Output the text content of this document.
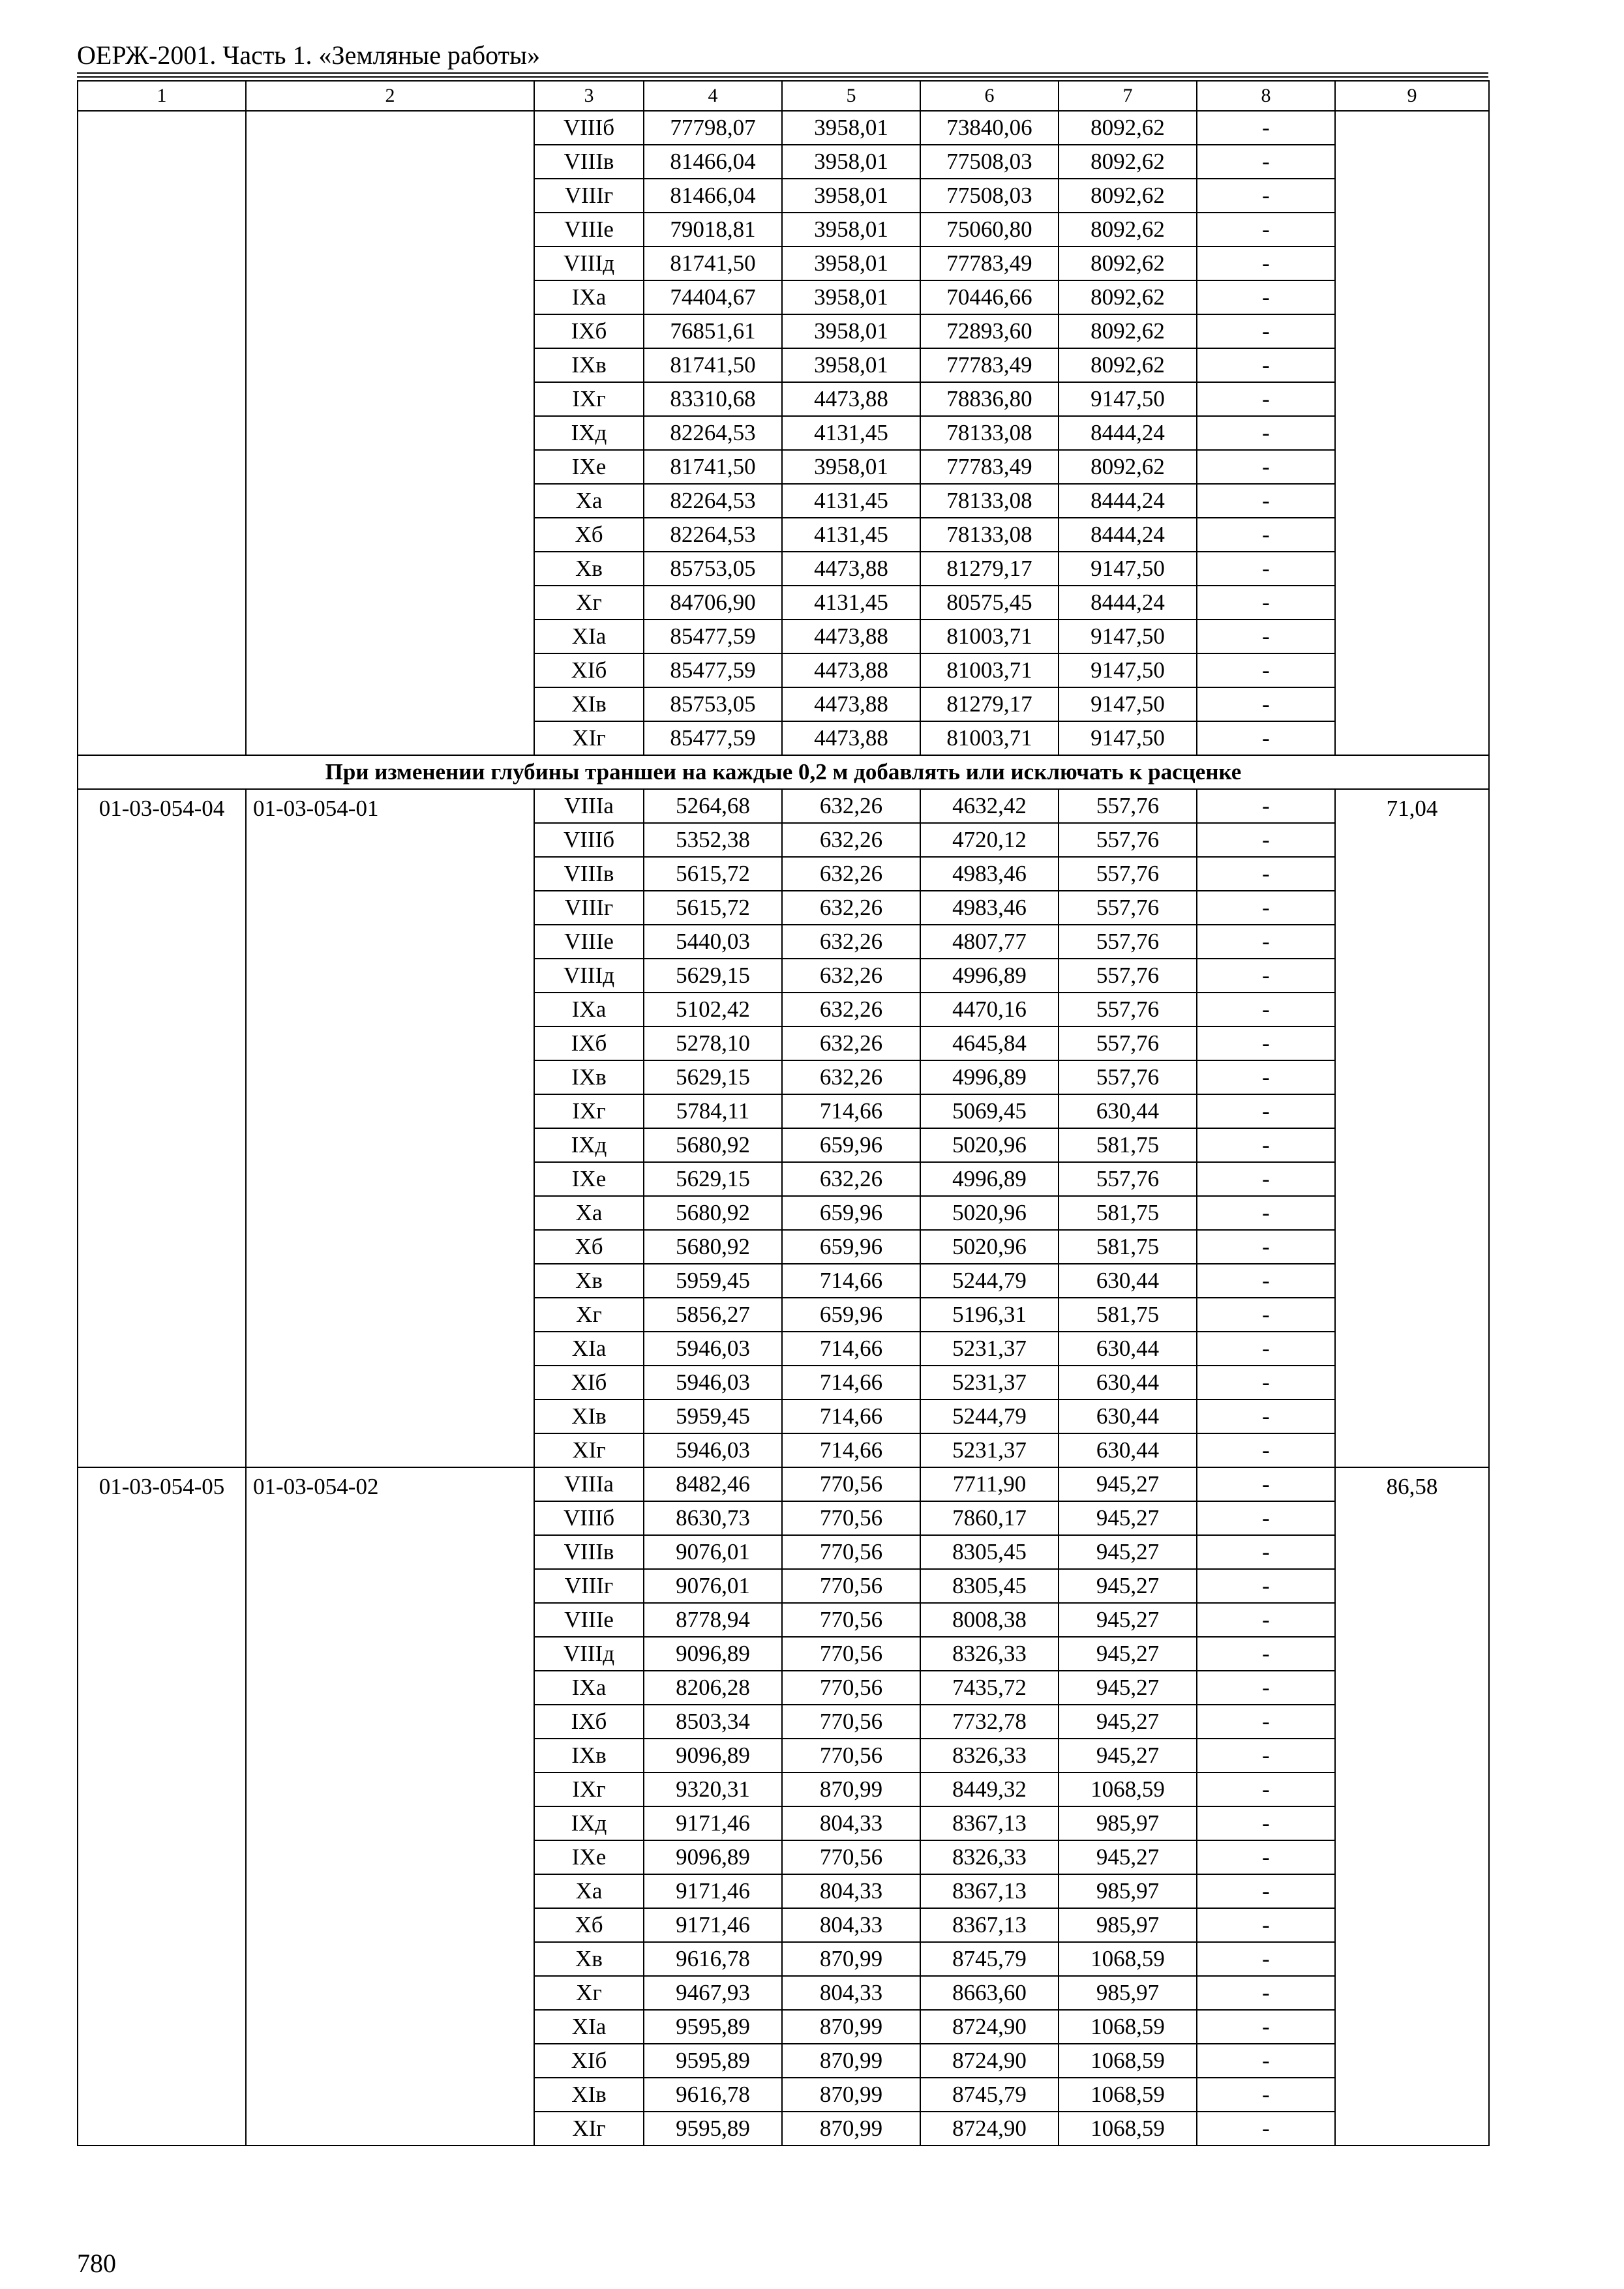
ОЕРЖ-2001. Часть 1. «Земляные работы»
1	2	3	4	5	6	7	8	9
		VIIIб	77798,07	3958,01	73840,06	8092,62	-	
		VIIIв	81466,04	3958,01	77508,03	8092,62	-	
		VIIIг	81466,04	3958,01	77508,03	8092,62	-	
		VIIIе	79018,81	3958,01	75060,80	8092,62	-	
		VIIIд	81741,50	3958,01	77783,49	8092,62	-	
		IXа	74404,67	3958,01	70446,66	8092,62	-	
		IXб	76851,61	3958,01	72893,60	8092,62	-	
		IXв	81741,50	3958,01	77783,49	8092,62	-	
		IXг	83310,68	4473,88	78836,80	9147,50	-	
		IXд	82264,53	4131,45	78133,08	8444,24	-	
		IXе	81741,50	3958,01	77783,49	8092,62	-	
		Xа	82264,53	4131,45	78133,08	8444,24	-	
		Xб	82264,53	4131,45	78133,08	8444,24	-	
		Xв	85753,05	4473,88	81279,17	9147,50	-	
		Xг	84706,90	4131,45	80575,45	8444,24	-	
		XIа	85477,59	4473,88	81003,71	9147,50	-	
		XIб	85477,59	4473,88	81003,71	9147,50	-	
		XIв	85753,05	4473,88	81279,17	9147,50	-	
		XIг	85477,59	4473,88	81003,71	9147,50	-	
При изменении глубины траншеи на каждые 0,2 м добавлять или исключать к расценке								
01-03-054-04	01-03-054-01	VIIIа	5264,68	632,26	4632,42	557,76	-	71,04
		VIIIб	5352,38	632,26	4720,12	557,76	-	
		VIIIв	5615,72	632,26	4983,46	557,76	-	
		VIIIг	5615,72	632,26	4983,46	557,76	-	
		VIIIе	5440,03	632,26	4807,77	557,76	-	
		VIIIд	5629,15	632,26	4996,89	557,76	-	
		IXа	5102,42	632,26	4470,16	557,76	-	
		IXб	5278,10	632,26	4645,84	557,76	-	
		IXв	5629,15	632,26	4996,89	557,76	-	
		IXг	5784,11	714,66	5069,45	630,44	-	
		IXд	5680,92	659,96	5020,96	581,75	-	
		IXе	5629,15	632,26	4996,89	557,76	-	
		Xа	5680,92	659,96	5020,96	581,75	-	
		Xб	5680,92	659,96	5020,96	581,75	-	
		Xв	5959,45	714,66	5244,79	630,44	-	
		Xг	5856,27	659,96	5196,31	581,75	-	
		XIа	5946,03	714,66	5231,37	630,44	-	
		XIб	5946,03	714,66	5231,37	630,44	-	
		XIв	5959,45	714,66	5244,79	630,44	-	
		XIг	5946,03	714,66	5231,37	630,44	-	
01-03-054-05	01-03-054-02	VIIIа	8482,46	770,56	7711,90	945,27	-	86,58
		VIIIб	8630,73	770,56	7860,17	945,27	-	
		VIIIв	9076,01	770,56	8305,45	945,27	-	
		VIIIг	9076,01	770,56	8305,45	945,27	-	
		VIIIе	8778,94	770,56	8008,38	945,27	-	
		VIIIд	9096,89	770,56	8326,33	945,27	-	
		IXа	8206,28	770,56	7435,72	945,27	-	
		IXб	8503,34	770,56	7732,78	945,27	-	
		IXв	9096,89	770,56	8326,33	945,27	-	
		IXг	9320,31	870,99	8449,32	1068,59	-	
		IXд	9171,46	804,33	8367,13	985,97	-	
		IXе	9096,89	770,56	8326,33	945,27	-	
		Xа	9171,46	804,33	8367,13	985,97	-	
		Xб	9171,46	804,33	8367,13	985,97	-	
		Xв	9616,78	870,99	8745,79	1068,59	-	
		Xг	9467,93	804,33	8663,60	985,97	-	
		XIа	9595,89	870,99	8724,90	1068,59	-	
		XIб	9595,89	870,99	8724,90	1068,59	-	
		XIв	9616,78	870,99	8745,79	1068,59	-	
		XIг	9595,89	870,99	8724,90	1068,59	-	
780
